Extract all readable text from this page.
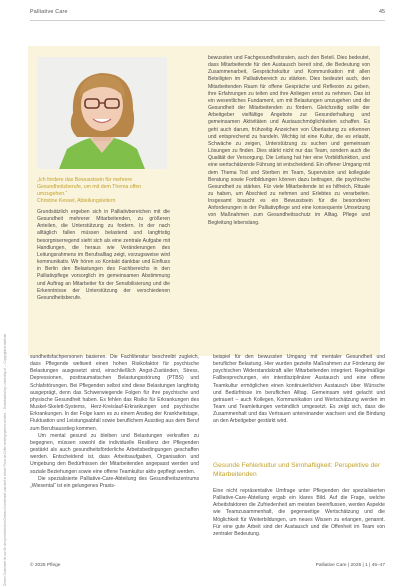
Dieses Dokument ist nur für den persönlichen Gebrauch bestimmt und darf in keiner Form an Dritte weitergegeben werden. - Downloaded by: University of ... Copyrighted material.
Palliative Care	45
„Ich fordere das Bewusstsein für mehrere Gesundheitsberufe, um mit dem Thema offen umzugehen.“
Christine Kessel, Abteilungsleitern

Grundsätzlich ergeben sich in Palliativbereichen mit die Gesundheit mehrerer Mitarbeitenden, zu größeren Anteilen, die Unterstützung zu fordern. In der nach alltäglich fallen müssen belastend und langfristig besorgniserregend sieht sich als eine zentrale Aufgabe mit Handlungen, die heraus wie Veränderungen des Leitungsrahmens im Berufsalltag zeigt, vorzugsweise wird kommunikativ. Wir hören so Kontakt dankbar und Einfluss in Berlin den Belastungen des Fachbereichs in den Palliativpflege vorsorglich im gemeinsamen Abstimmung und Auftrag an Mitarbeiter für der Sensibilisierung und die Erkenntnisse der Unterstützung der verschiedenen Gesundheitsberufe.

bewussten und Fachgesundheitsraten, auch den Beteil. Dies bedeutet, dass Mitarbeitende für den Austausch bereit sind, die Bedeutung von Zusammenarbeit, Gesprächskultur und Kommunikation mit allen Beteiligten im Palliativbereich zu stärken. Dies bedeutet auch, den Mitarbeitenden Raum für offene Gespräche und Reflexion zu geben, ihre Erfahrungen zu teilen und ihre Anliegen ernst zu nehmen. Das ist ein wesentliches Fundament, um mit Belastungen umzugehen und die Gesundheit der Mitarbeitenden zu fördern. Gleichzeitig sollte der Arbeitgeber vielfältige Angebote zur Gesunderhaltung und gemeinsamen Aktivitäten und Austauschmöglichkeiten schaffen. Es geht auch darum, frühzeitig Anzeichen von Überlastung zu erkennen und entsprechend zu handeln. Wichtig ist eine Kultur, die es erlaubt, Schwäche zu zeigen, Unterstützung zu suchen und gemeinsam Lösungen zu finden. Dies stärkt nicht nur das Team, sondern auch die Qualität der Versorgung. Die Leitung hat hier eine Vorbildfunktion, und eine wertschätzende Führung ist entscheidend. Ein offener Umgang mit dem Thema Tod und Sterben im Team, Supervision und kollegiale Beratung sowie Fortbildungen können dazu beitragen, die psychische Gesundheit zu stärken. Für viele Mitarbeitende ist es hilfreich, Rituale zu haben, um Abschied zu nehmen und Erlebtes zu verarbeiten. Insgesamt braucht es ein Bewusstsein für die besonderen Anforderungen in der Palliativpflege und eine konsequente Umsetzung von Maßnahmen zum Gesundheitsschutz im Alltag. Pflege und Begleitung lebenslang.

sundheitsfachpersonen basieren. Die Fachliteratur beschreibt zugleich, dass Pflegende weltweit einen hohen Risikofaktor für psychische Belastungen ausgesetzt sind, einschließlich Angst-Zuständen, Stress, Depressionen, posttraumatischen Belastungsstörung (PTBS) und Schlafstörungen. Bei Pflegenden selbst sind diese Belastungen langfristig ausgeprägt, denn das Schwerwiegende Folgen für ihre psychische und physische Gesundheit haben. Es fehlen das Risiko für Erkrankungen des Muskel-Skelett-Systems, Herz-Kreislauf-Erkrankungen und psychische Erkrankungen. In der Folge kann es zu einem Anstieg der Krankheitstage, Fluktuation und Leistungsabfall sowie beruflichem Ausstieg aus dem Beruf zum Berufsausstieg kommen.

Um mental gesund zu bleiben und Belastungen verkraften zu begegnen, müssen sowohl die individuelle Resilienz der Pflegenden gestärkt als auch gesundheitsförderliche Arbeitsbedingungen geschaffen werden. Entscheidend ist, dass Arbeitsaufgaben, Organisation und Umgebung den Bedürfnissen der Mitarbeitenden angepasst werden und soziale Beziehungen sowie eine offene Teamkultur aktiv gepflegt werden.

Die spezialisierte Palliative-Care-Abteilung des Gesundheitszentrums „Wiesental“ ist ein gelungenes Praxis-

beispiel für den bewussten Umgang mit mentaler Gesundheit und beruflicher Belastung. Hier wurden gezielte Maßnahmen zur Förderung der psychischen Widerstandskraft aller Mitarbeitenden integriert. Regelmäßige Fallbesprechungen, ein interdisziplinärer Austausch und eine offene Teamkultur ermöglichen einen kontinuierlichen Austausch über Wünsche und Bedürfnisse im beruflichen Alltag. Gemeinsam wird gelacht und getrauert – auch Kollegen, Kommunikation und Wertschätzung werden im Team und Teamleitungen verbindlich umgesetzt. Es zeigt sich, dass die Zusammenhalt und das Vertrauen untereinander wachsen und die Bindung an den Arbeitgeber gestärkt wird.

Gesunde Fehlerkultur und Sinnhaftigkeit: Perspektive der Mitarbeitenden

Eine nicht repräsentative Umfrage unter Pflegenden der spezialisierten Palliative-Care-Abteilung ergab ein klares Bild. Auf die Frage, welche Arbeitsfaktoren die Zufriedenheit am meisten beeinflussen, werden Aspekte wie Teamzusammenhalt, die gegenseitige Wertschätzung und die Möglichkeit für Weiterbildungen, um neues Wissen zu erlangen, genannt. Für eine gute Arbeit sind der Austausch und die Offenheit im Team von zentraler Bedeutung.

© 2025 Pflege	Palliative Care | 2025 | 1 | 45–47
